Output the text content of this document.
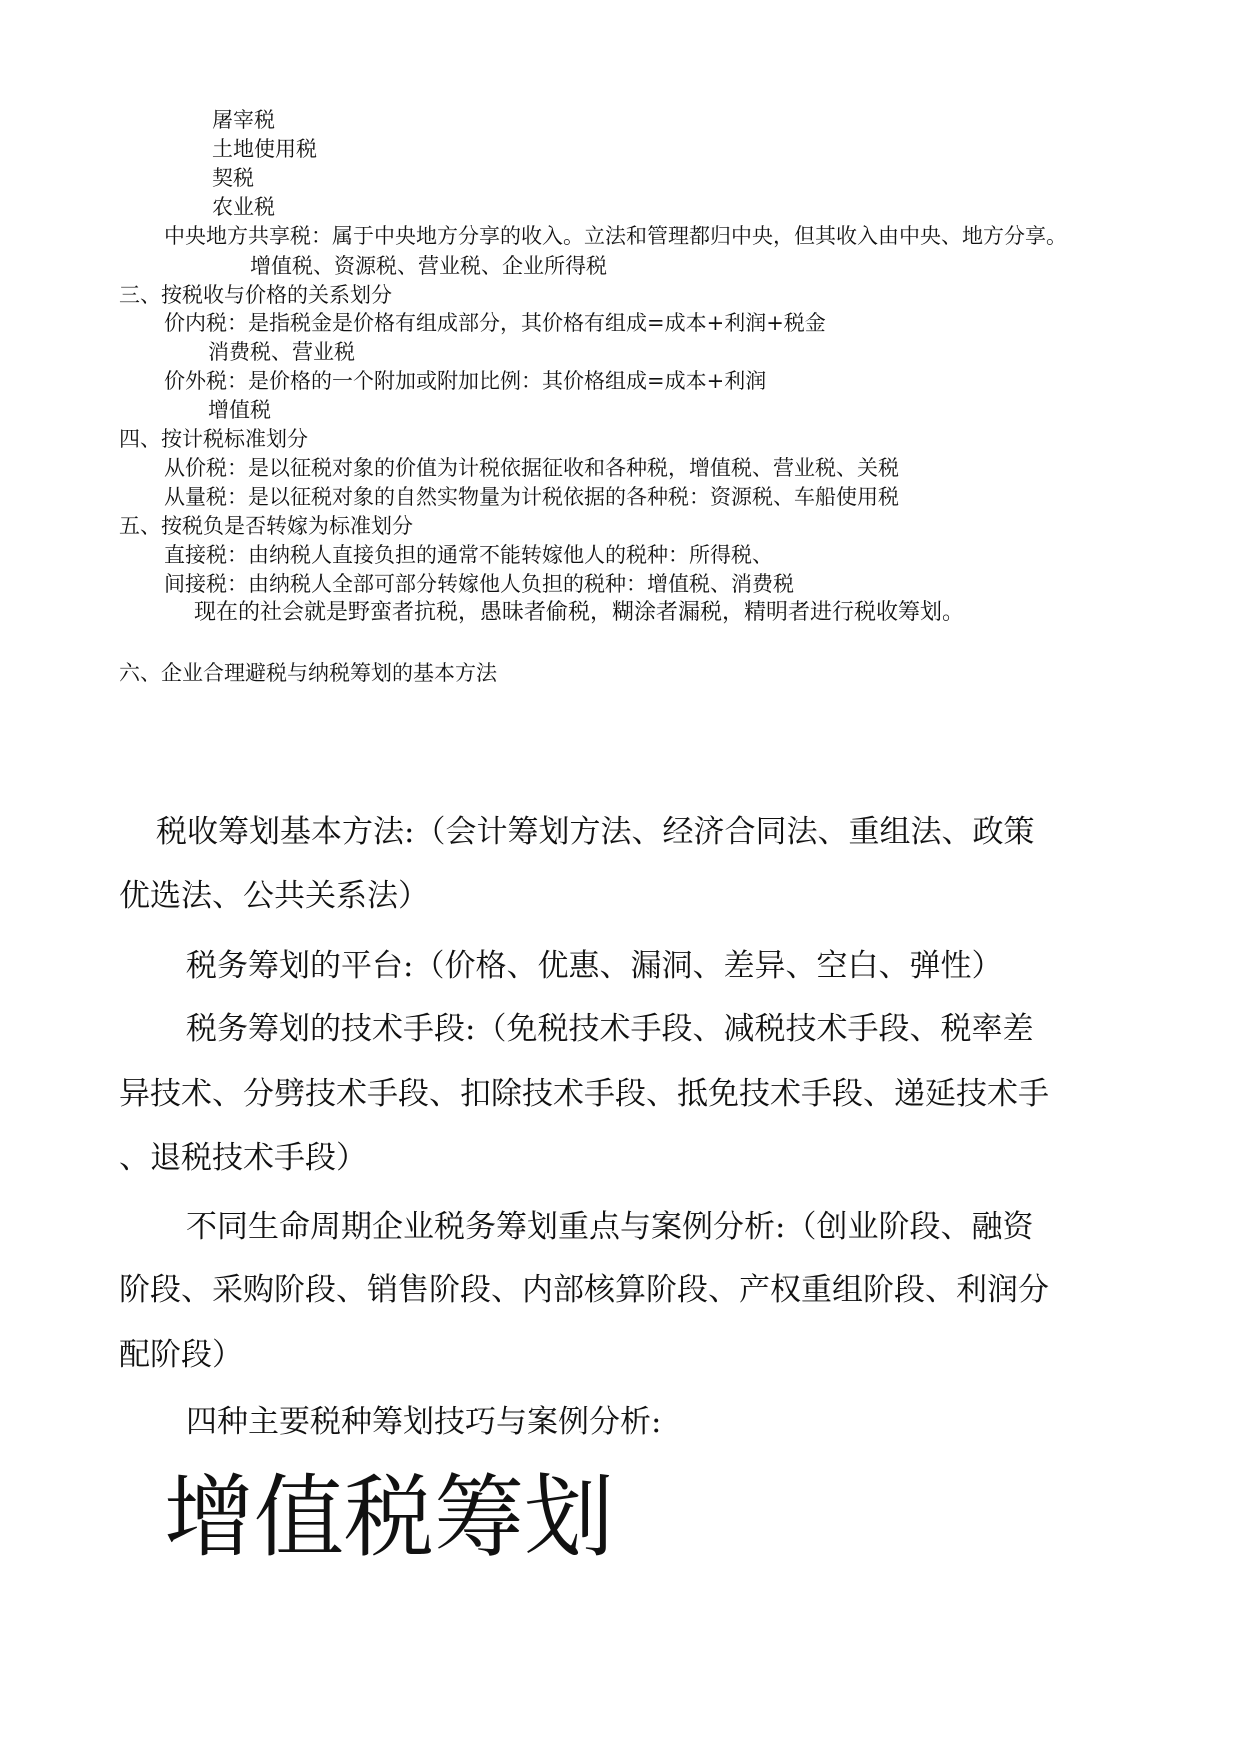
屠宰税
土地使用税
契税
农业税
中央地方共享税：属于中央地方分享的收入。立法和管理都归中央，但其收入由中央、地方分享。
增值税、资源税、营业税、企业所得税
三、按税收与价格的关系划分
价内税：是指税金是价格有组成部分，其价格有组成=成本+利润+税金
消费税、营业税
价外税：是价格的一个附加或附加比例：其价格组成=成本+利润
增值税
四、按计税标准划分
从价税：是以征税对象的价值为计税依据征收和各种税，增值税、营业税、关税
从量税：是以征税对象的自然实物量为计税依据的各种税：资源税、车船使用税
五、按税负是否转嫁为标准划分
直接税：由纳税人直接负担的通常不能转嫁他人的税种：所得税、
间接税：由纳税人全部可部分转嫁他人负担的税种：增值税、消费税
现在的社会就是野蛮者抗税，愚昧者偷税，糊涂者漏税，精明者进行税收筹划。
六、企业合理避税与纳税筹划的基本方法
税收筹划基本方法:（会计筹划方法、经济合同法、重组法、政策
优选法、公共关系法）
税务筹划的平台:（价格、优惠、漏洞、差异、空白、弹性）
税务筹划的技术手段:（免税技术手段、减税技术手段、税率差
异技术、分劈技术手段、扣除技术手段、抵免技术手段、递延技术手
、退税技术手段）
不同生命周期企业税务筹划重点与案例分析:（创业阶段、融资
阶段、采购阶段、销售阶段、内部核算阶段、产权重组阶段、利润分
配阶段）
四种主要税种筹划技巧与案例分析:
增值税筹划
